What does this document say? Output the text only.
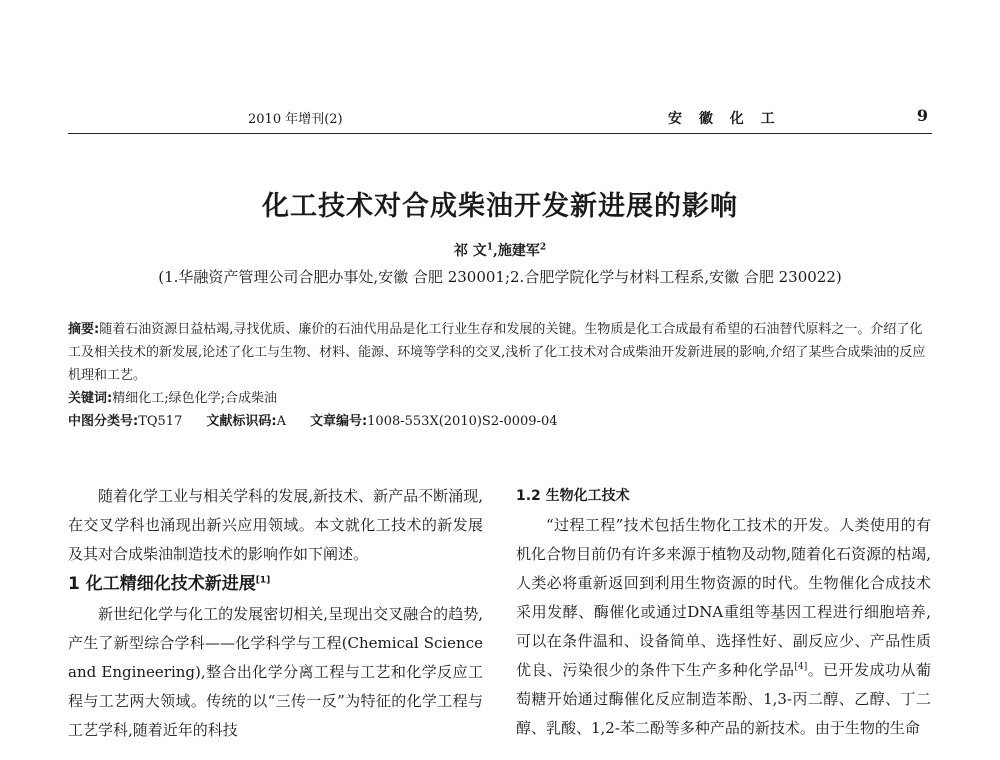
2010 年增刊(2)	安 徽 化 工	9
化工技术对合成柴油开发新进展的影响
祁 文$^1$,施建军$^2$
(1.华融资产管理公司合肥办事处,安徽 合肥 230001;2.合肥学院化学与材料工程系,安徽 合肥 230022)
摘要:随着石油资源日益枯竭,寻找优质、廉价的石油代用品是化工行业生存和发展的关键。生物质是化工合成最有希望的石油替代原料之一。介绍了化工及相关技术的新发展,论述了化工与生物、材料、能源、环境等学科的交叉,浅析了化工技术对合成柴油开发新进展的影响,介绍了某些合成柴油的反应机理和工艺。
关键词:精细化工;绿色化学;合成柴油
中图分类号:TQ517 文献标识码:A 文章编号:1008-553X(2010)S2-0009-04

随着化学工业与相关学科的发展,新技术、新产品不断涌现,在交叉学科也涌现出新兴应用领域。本文就化工技术的新发展及其对合成柴油制造技术的影响作如下阐述。

1 化工精细化技术新进展[1]

新世纪化学与化工的发展密切相关,呈现出交叉融合的趋势,产生了新型综合学科——化学科学与工程(Chemical Science and Engineering),整合出化学分离工程与工艺和化学反应工程与工艺两大领域。传统的以“三传一反”为特征的化学工程与工艺学科,随着近年的科技

1.2 生物化工技术

“过程工程”技术包括生物化工技术的开发。人类使用的有机化合物目前仍有许多来源于植物及动物,随着化石资源的枯竭,人类必将重新返回到利用生物资源的时代。生物催化合成技术采用发酵、酶催化或通过DNA重组等基因工程进行细胞培养,可以在条件温和、设备简单、选择性好、副反应少、产品性质优良、污染很少的条件下生产多种化学品[4]。已开发成功从葡萄糖开始通过酶催化反应制造苯酚、1,3-丙二醇、乙醇、丁二醇、乳酸、1,2-苯二酚等多种产品的新技术。由于生物的生命
